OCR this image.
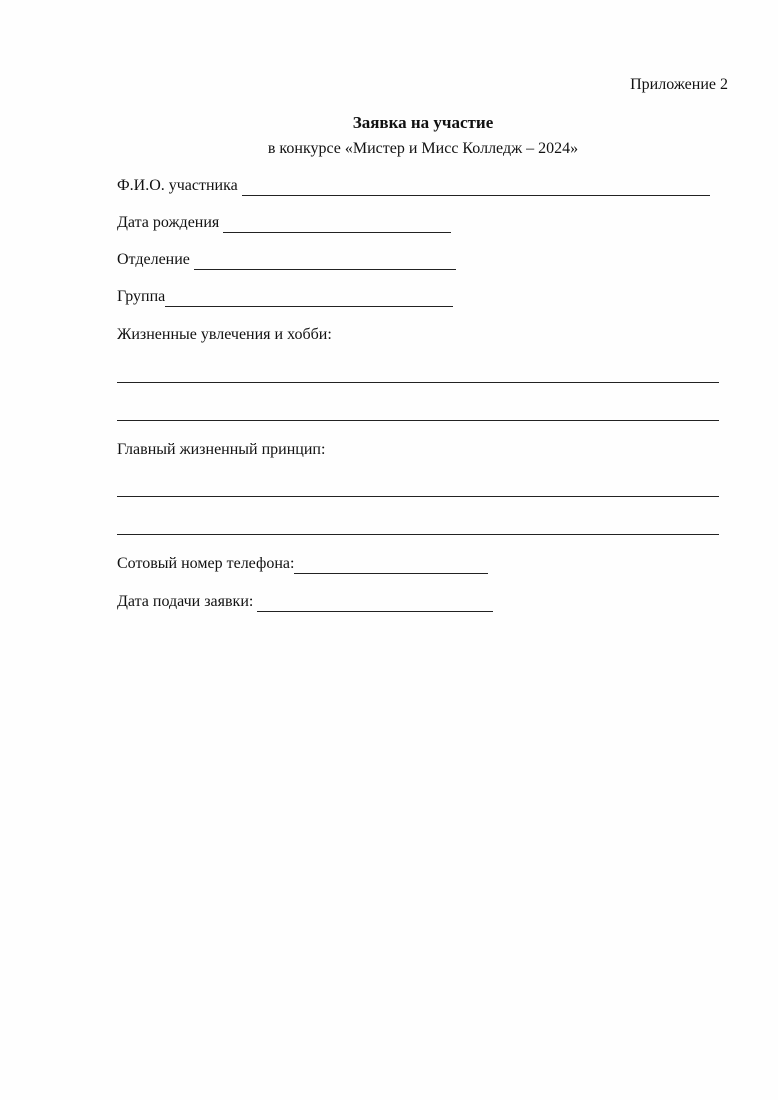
Приложение 2
Заявка на участие
в конкурсе «Мистер и Мисс Колледж – 2024»
Ф.И.О. участника
Дата рождения
Отделение
Группа
Жизненные увлечения и хобби:
Главный жизненный принцип:
Сотовый номер телефона:
Дата подачи заявки:
